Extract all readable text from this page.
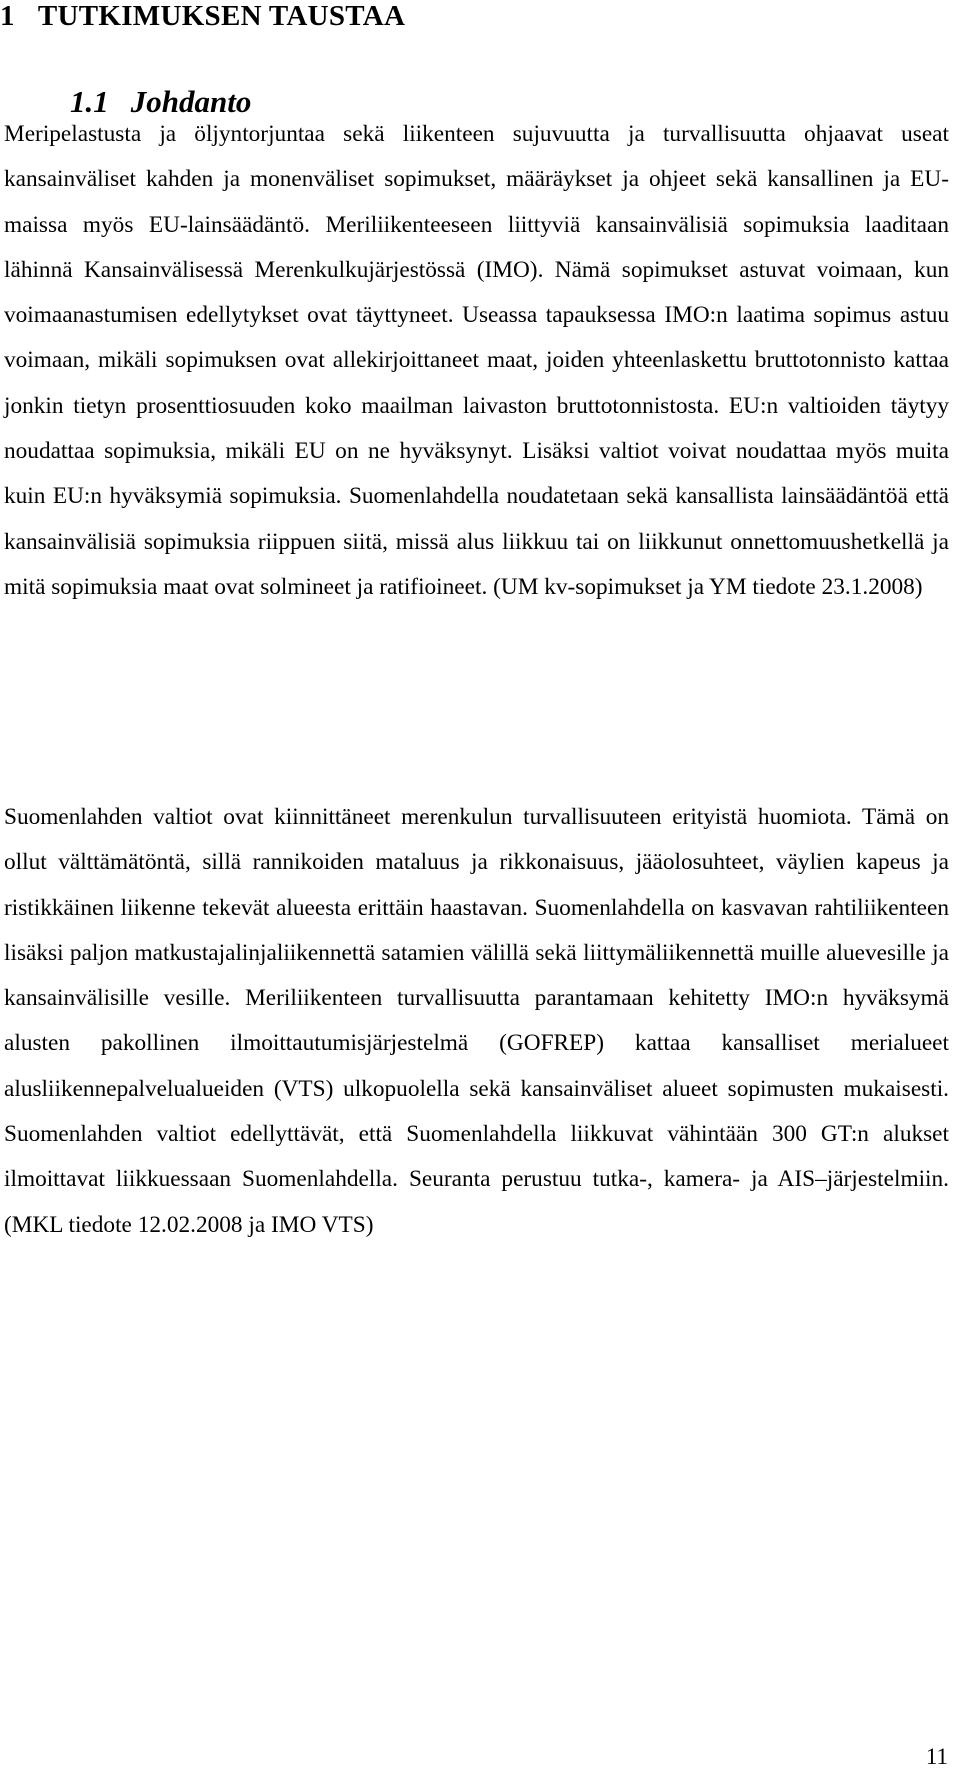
1 TUTKIMUKSEN TAUSTAA
1.1 Johdanto

Meripelastusta ja öljyntorjuntaa sekä liikenteen sujuvuutta ja turvallisuutta ohjaavat useat kansainväliset kahden ja monenväliset sopimukset, määräykset ja ohjeet sekä kansallinen ja EU-maissa myös EU-lainsäädäntö. Meriliikenteeseen liittyviä kansainvälisiä sopimuksia laaditaan lähinnä Kansainvälisessä Merenkulkujärjestössä (IMO). Nämä sopimukset astuvat voimaan, kun voimaanastumisen edellytykset ovat täyttyneet. Useassa tapauksessa IMO:n laatima sopimus astuu voimaan, mikäli sopimuksen ovat allekirjoittaneet maat, joiden yhteenlaskettu bruttotonnisto kattaa jonkin tietyn prosenttiosuuden koko maailman laivaston bruttotonnistosta. EU:n valtioiden täytyy noudattaa sopimuksia, mikäli EU on ne hyväksynyt. Lisäksi valtiot voivat noudattaa myös muita kuin EU:n hyväksymiä sopimuksia. Suomenlahdella noudatetaan sekä kansallista lainsäädäntöä että kansainvälisiä sopimuksia riippuen siitä, missä alus liikkuu tai on liikkunut onnettomuushetkellä ja mitä sopimuksia maat ovat solmineet ja ratifioineet. (UM kv-sopimukset ja YM tiedote 23.1.2008)

Suomenlahden valtiot ovat kiinnittäneet merenkulun turvallisuuteen erityistä huomiota. Tämä on ollut välttämätöntä, sillä rannikoiden mataluus ja rikkonaisuus, jääolosuhteet, väylien kapeus ja ristikkäinen liikenne tekevät alueesta erittäin haastavan. Suomenlahdella on kasvavan rahtiliikenteen lisäksi paljon matkustajalinjaliikennettä satamien välillä sekä liittymäliikennettä muille aluevesille ja kansainvälisille vesille. Meriliikenteen turvallisuutta parantamaan kehitetty IMO:n hyväksymä alusten pakollinen ilmoittautumisjärjestelmä (GOFREP) kattaa kansalliset merialueet alusliikennepalvelualueiden (VTS) ulkopuolella sekä kansainväliset alueet sopimusten mukaisesti. Suomenlahden valtiot edellyttävät, että Suomenlahdella liikkuvat vähintään 300 GT:n alukset ilmoittavat liikkuessaan Suomenlahdella. Seuranta perustuu tutka-, kamera- ja AIS–järjestelmiin. (MKL tiedote 12.02.2008 ja IMO VTS)

11
